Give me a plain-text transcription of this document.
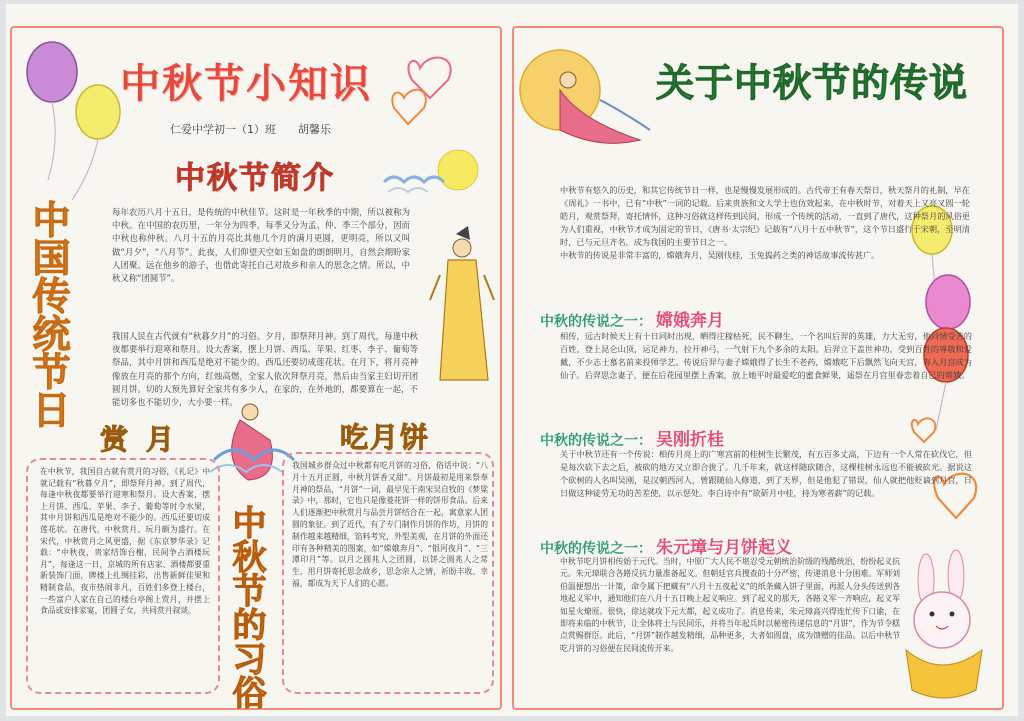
中秋节小知识
仁爱中学初一（1）班　　胡馨乐
中秋节简介
中国传统节日	每年农历八月十五日，是传统的中秋佳节。这时是一年秋季的中期，所以被称为中秋。在中国的农历里，一年分为四季，每季又分为孟、仲、季三个部分，因而中秋也称仲秋。八月十五的月亮比其他几个月的满月更圆，更明亮，所以又叫做“月夕”，“八月节”。此夜，人们仰望天空如玉如盘的朗朗明月，自然会期盼家人团聚。远在他乡的游子，也借此寄托自己对故乡和亲人的思念之情。所以，中秋又称“团圆节”。
我国人民在古代就有“秋暮夕月”的习俗。夕月，即祭拜月神。到了周代，每逢中秋夜都要举行迎寒和祭月。设大香案，摆上月饼、西瓜、苹果、红枣、李子、葡萄等祭品，其中月饼和西瓜是绝对不能少的。西瓜还要切成莲花状。在月下，将月亮神像放在月亮的那个方向，红烛高燃，全家人依次拜祭月亮，然后由当家主妇切开团圆月饼。切的人预先算好全家共有多少人，在家的，在外地的，都要算在一起，不能切多也不能切少，大小要一样。
赏月	吃月饼
在中秋节，我国自古就有赏月的习俗，《礼记》中就记载有“秋暮夕月”，即祭拜月神。到了周代，每逢中秋夜都要举行迎寒和祭月。设大香案，摆上月饼、西瓜、苹果、李子、葡萄等时令水果，其中月饼和西瓜是绝对不能少的。西瓜还要切成莲花状。在唐代，中秋赏月、玩月颇为盛行。在宋代，中秋赏月之风更盛，据《东京梦华录》记载：“中秋夜，贵家结饰台榭，民间争占酒楼玩月”，每逢这一日，京城的所有店家、酒楼都要重新装饰门面，牌楼上扎绸挂彩，出售新鲜佳果和精制食品，夜市热闹非凡，百姓们多登上楼台，一些富户人家在自己的楼台亭阁上赏月，并摆上食品或安排家宴，团圆子女，共同赏月叙谈。
我国城乡群众过中秋都有吃月饼的习俗，俗话中说：“八月十五月正圆，中秋月饼香又甜”。月饼最初是用来祭奉月神的祭品，“月饼”一词，最早见于南宋吴自牧的《梦粱录》中，那时，它也只是像菱花饼一样的饼形食品。后来人们逐渐把中秋赏月与品尝月饼结合在一起，寓意家人团圆的象征。到了近代，有了专门制作月饼的作坊，月饼的制作越来越精细，馅料考究，外型美观，在月饼的外面还印有各种精美的图案，如“嫦娥奔月”、“银河夜月”、“三潭印月”等。以月之圆兆人之团圆，以饼之圆兆人之常生，用月饼寄托思念故乡，思念亲人之情，祈盼丰收、幸福，都成为天下人们的心愿。
中秋节的习俗
关于中秋节的传说
中秋节有悠久的历史，和其它传统节日一样，也是慢慢发展形成的。古代帝王有春天祭日，秋天祭月的礼制，早在《周礼》一书中，已有“中秋”一词的记载。后来贵族和文人学士也仿效起来，在中秋时节，对着天上又亮又圆一轮皓月，观赏祭拜，寄托情怀，这种习俗就这样传到民间，形成一个传统的活动，一直到了唐代，这种祭月的风俗更为人们重视，中秋节才成为固定的节日，《唐书·太宗纪》记载有“八月十五中秋节”，这个节日盛行于宋朝，至明清时，已与元旦齐名，成为我国的主要节日之一。
中秋节的传说是非常丰富的，嫦娥奔月，吴刚伐桂，玉兔捣药之类的神话故事流传甚广。
中秋的传说之一： 嫦娥奔月
相传，远古时候天上有十日同时出现，晒得庄稼枯死，民不聊生，一个名叫后羿的英雄，力大无穷，他同情受苦的百姓，登上昆仑山顶，运足神力，拉开神弓，一气射下九个多余的太阳。后羿立下盖世神功，受到百姓的尊敬和爱戴，不少志士慕名前来投师学艺。传说后羿与妻子嫦娥得了长生不老药，嫦娥吃下后飘然飞向天宫，奔入月宫成为仙子。后羿思念妻子，便在后花园里摆上香案，放上她平时最爱吃的蜜食鲜果，遥祭在月宫里眷恋着自己的嫦娥。
中秋的传说之一： 吴刚折桂
关于中秋节还有一个传说：相传月亮上的广寒宫前的桂树生长繁茂，有五百多丈高，下边有一个人常在砍伐它，但是每次砍下去之后，被砍的地方又立即合拢了。几千年来，就这样随砍随合，这棵桂树永远也不能被砍光。据说这个砍树的人名叫吴刚，是汉朝西河人，曾跟随仙人修道，到了天界，但是他犯了错误，仙人就把他贬谪到月宫，日日做这种徒劳无功的苦差使，以示惩处。李白诗中有“欲斫月中桂，持为寒者薪”的记载。
中秋的传说之一： 朱元璋与月饼起义
中秋节吃月饼相传始于元代。当时，中原广大人民不堪忍受元朝统治阶级的残酷统治，纷纷起义抗元。朱元璋联合各路反抗力量准备起义。但朝廷官兵搜查的十分严密，传递消息十分困难。军师刘伯温便想出一计策，命令属下把藏有“八月十五夜起义”的纸条藏入饼子里面，再派人分头传送到各地起义军中，通知他们在八月十五日晚上起义响应。到了起义的那天，各路义军一齐响应，起义军如星火燎原。很快，徐达就攻下元大都，起义成功了。消息传来，朱元璋高兴得连忙传下口谕，在即将来临的中秋节，让全体将士与民同乐，并将当年起兵时以秘密传递信息的“月饼”，作为节令糕点赏赐群臣。此后，“月饼”制作越发精细，品种更多，大者如圆盘，成为馈赠的佳品。以后中秋节吃月饼的习俗便在民间流传开来。
